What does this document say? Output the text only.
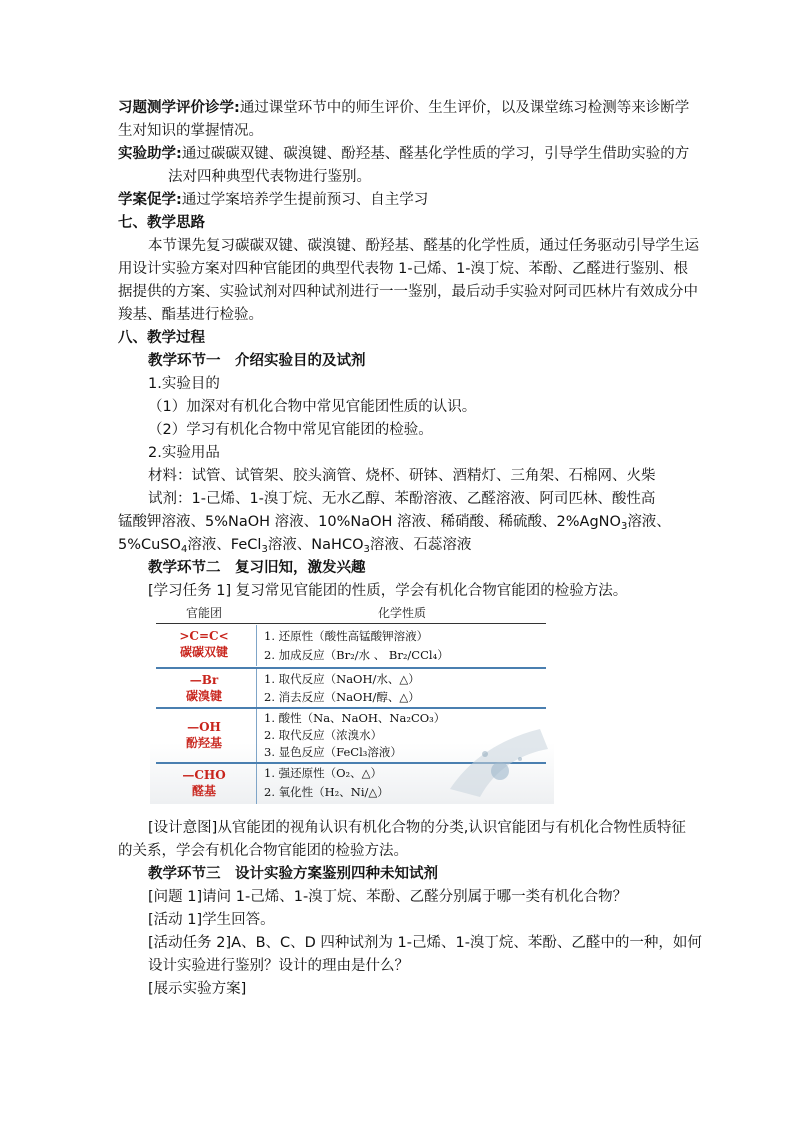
习题测学评价诊学:通过课堂环节中的师生评价、生生评价，以及课堂练习检测等来诊断学
生对知识的掌握情况。
实验助学:通过碳碳双键、碳溴键、酚羟基、醛基化学性质的学习，引导学生借助实验的方
法对四种典型代表物进行鉴别。
学案促学:通过学案培养学生提前预习、自主学习
七、教学思路
本节课先复习碳碳双键、碳溴键、酚羟基、醛基的化学性质，通过任务驱动引导学生运
用设计实验方案对四种官能团的典型代表物 1-己烯、1-溴丁烷、苯酚、乙醛进行鉴别、根
据提供的方案、实验试剂对四种试剂进行一一鉴别，最后动手实验对阿司匹林片有效成分中
羧基、酯基进行检验。
八、教学过程
教学环节一　介绍实验目的及试剂
1.实验目的
（1）加深对有机化合物中常见官能团性质的认识。
（2）学习有机化合物中常见官能团的检验。
2.实验用品
材料：试管、试管架、胶头滴管、烧杯、研钵、酒精灯、三角架、石棉网、火柴
试剂：1-己烯、1-溴丁烷、无水乙醇、苯酚溶液、乙醛溶液、阿司匹林、酸性高
锰酸钾溶液、5%NaOH 溶液、10%NaOH 溶液、稀硝酸、稀硫酸、2%AgNO$_3$溶液、
5%CuSO$_4$溶液、FeCl$_3$溶液、NaHCO$_3$溶液、石蕊溶液
教学环节二　复习旧知，激发兴趣
[学习任务 1] 复习常见官能团的性质，学会有机化合物官能团的检验方法。
官能团	化学性质
>C=C<
碳碳双键
1. 还原性（酸性高锰酸钾溶液）
2. 加成反应（Br₂/水 、 Br₂/CCl₄）
—Br
碳溴键
1. 取代反应（NaOH/水、△）
2. 消去反应（NaOH/醇、△）
—OH
酚羟基
1. 酸性（Na、NaOH、Na₂CO₃）
2. 取代反应（浓溴水）
3. 显色反应（FeCl₃溶液）
—CHO
醛基
1. 强还原性（O₂、△）
2. 氧化性（H₂、Ni/△）
[设计意图]从官能团的视角认识有机化合物的分类,认识官能团与有机化合物性质特征
的关系，学会有机化合物官能团的检验方法。
教学环节三　设计实验方案鉴别四种未知试剂
[问题 1]请问 1-己烯、1-溴丁烷、苯酚、乙醛分别属于哪一类有机化合物？
[活动 1]学生回答。
[活动任务 2]A、B、C、D 四种试剂为 1-己烯、1-溴丁烷、苯酚、乙醛中的一种，如何
设计实验进行鉴别？设计的理由是什么？
[展示实验方案]
